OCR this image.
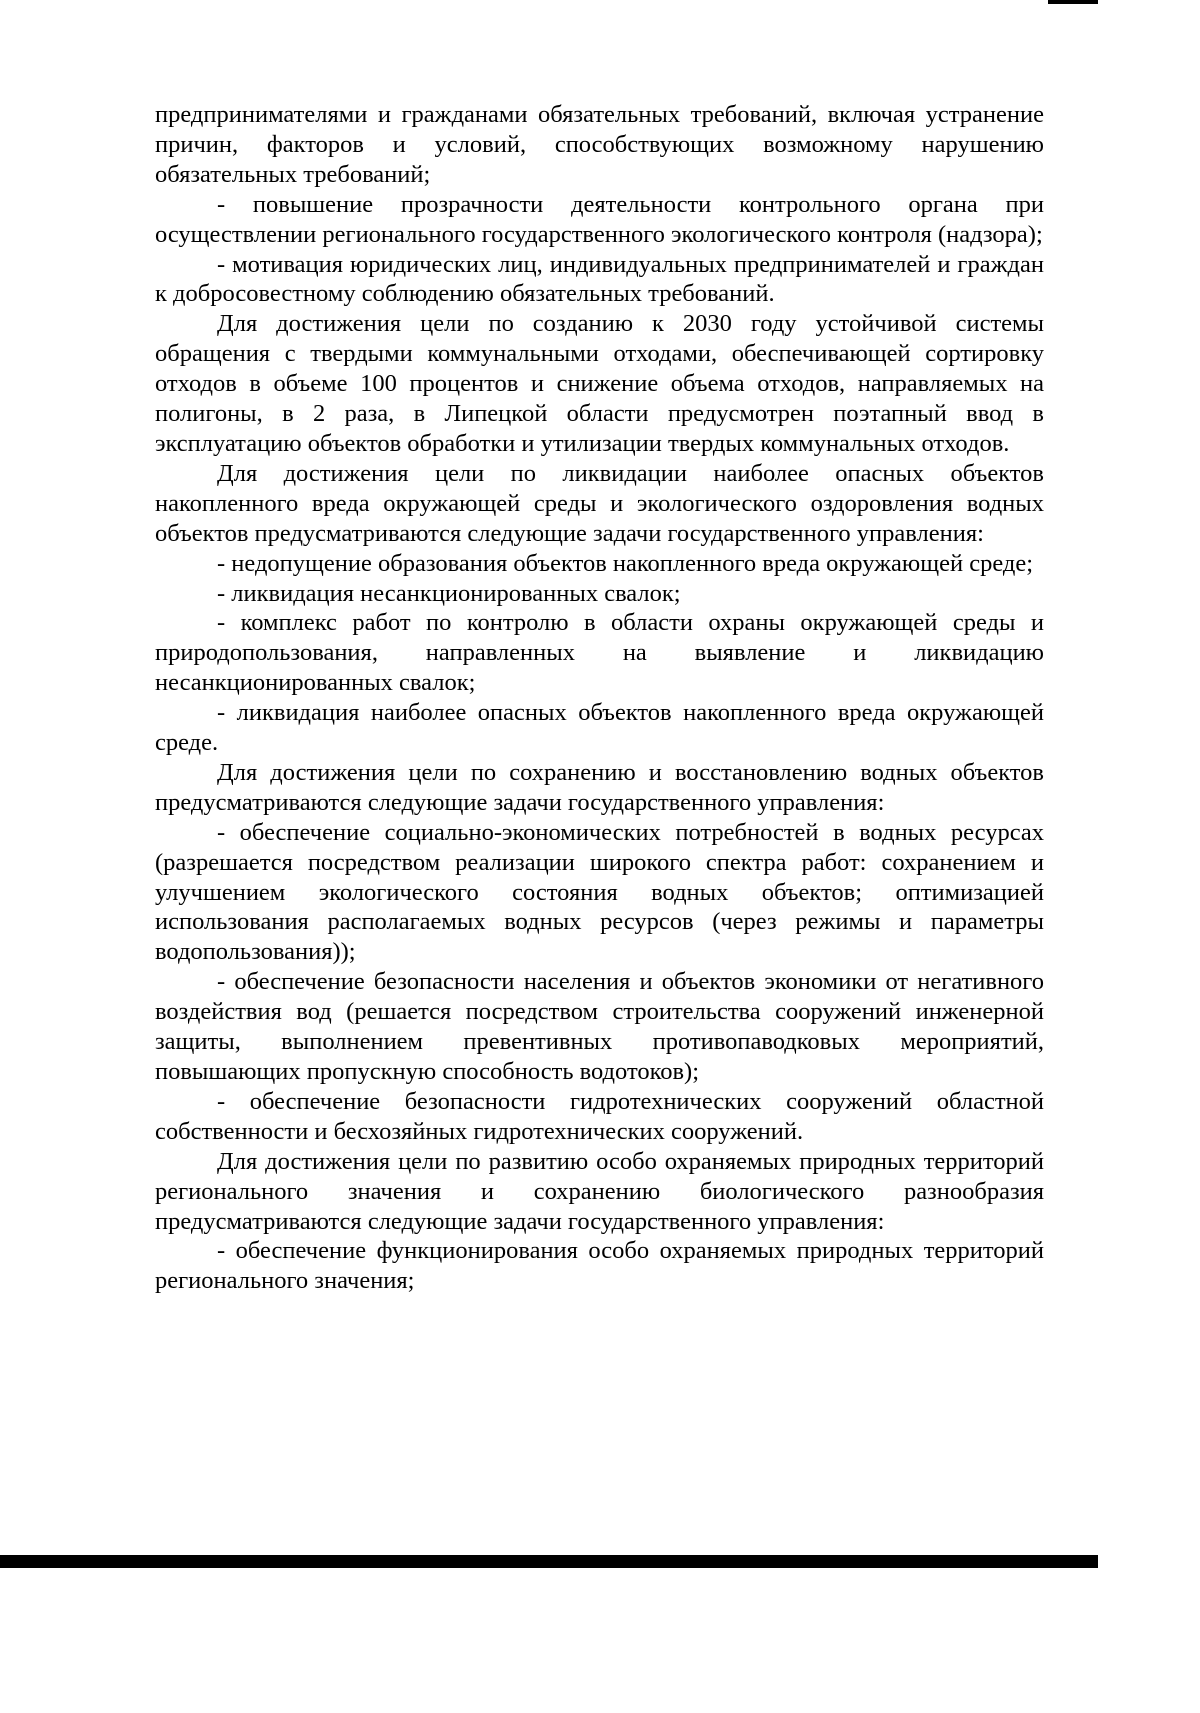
предпринимателями и гражданами обязательных требований, включая устранение причин, факторов и условий, способствующих возможному нарушению обязательных требований;

- повышение прозрачности деятельности контрольного органа при осуществлении регионального государственного экологического контроля (надзора);

- мотивация юридических лиц, индивидуальных предпринимателей и граждан к добросовестному соблюдению обязательных требований.

Для достижения цели по созданию к 2030 году устойчивой системы обращения с твердыми коммунальными отходами, обеспечивающей сортировку отходов в объеме 100 процентов и снижение объема отходов, направляемых на полигоны, в 2 раза, в Липецкой области предусмотрен поэтапный ввод в эксплуатацию объектов обработки и утилизации твердых коммунальных отходов.

Для достижения цели по ликвидации наиболее опасных объектов накопленного вреда окружающей среды и экологического оздоровления водных объектов предусматриваются следующие задачи государственного управления:

- недопущение образования объектов накопленного вреда окружающей среде;

- ликвидация несанкционированных свалок;

- комплекс работ по контролю в области охраны окружающей среды и природопользования, направленных на выявление и ликвидацию несанкционированных свалок;

- ликвидация наиболее опасных объектов накопленного вреда окружающей среде.

Для достижения цели по сохранению и восстановлению водных объектов предусматриваются следующие задачи государственного управления:

- обеспечение социально-экономических потребностей в водных ресурсах (разрешается посредством реализации широкого спектра работ: сохранением и улучшением экологического состояния водных объектов; оптимизацией использования располагаемых водных ресурсов (через режимы и параметры водопользования));

- обеспечение безопасности населения и объектов экономики от негативного воздействия вод (решается посредством строительства сооружений инженерной защиты, выполнением превентивных противопаводковых мероприятий, повышающих пропускную способность водотоков);

- обеспечение безопасности гидротехнических сооружений областной собственности и бесхозяйных гидротехнических сооружений.

Для достижения цели по развитию особо охраняемых природных территорий регионального значения и сохранению биологического разнообразия предусматриваются следующие задачи государственного управления:

- обеспечение функционирования особо охраняемых природных территорий регионального значения;
